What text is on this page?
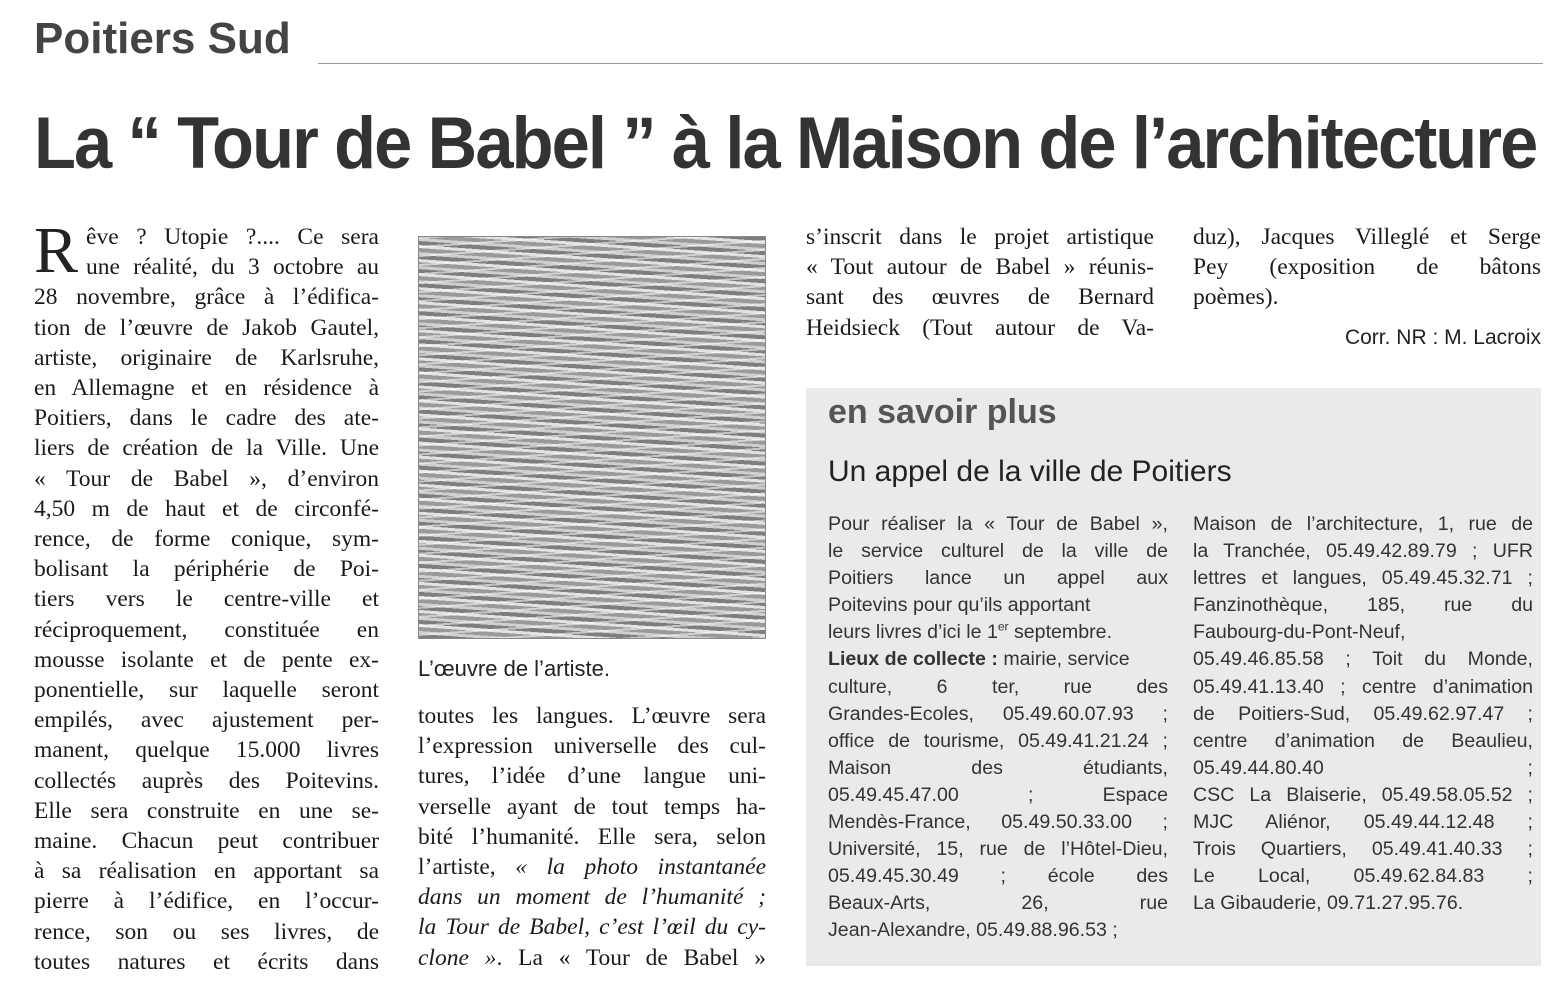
Poitiers Sud
La “ Tour de Babel ” à la Maison de l’architecture
R êve ? Utopie ?.... Ce sera
une réalité, du 3 octobre au
28 novembre, grâce à l’édifica-
tion de l’œuvre de Jakob Gautel,
artiste, originaire de Karlsruhe,
en Allemagne et en résidence à
Poitiers, dans le cadre des ate-
liers de création de la Ville. Une
« Tour de Babel », d’environ
4,50 m de haut et de circonfé-
rence, de forme conique, sym-
bolisant la périphérie de Poi-
tiers vers le centre-ville et
réciproquement, constituée en
mousse isolante et de pente ex-
ponentielle, sur laquelle seront
empilés, avec ajustement per-
manent, quelque 15.000 livres
collectés auprès des Poitevins.
Elle sera construite en une se-
maine. Chacun peut contribuer
à sa réalisation en apportant sa
pierre à l’édifice, en l’occur-
rence, son ou ses livres, de
toutes natures et écrits dans
L’œuvre de l’artiste.
toutes les langues. L’œuvre sera
l’expression universelle des cul-
tures, l’idée d’une langue uni-
verselle ayant de tout temps ha-
bité l’humanité. Elle sera, selon
l’artiste, « la photo instantanée
dans un moment de l’humanité ;
la Tour de Babel, c’est l’œil du cy-
clone ». La « Tour de Babel »
s’inscrit dans le projet artistique
« Tout autour de Babel » réunis-
sant des œuvres de Bernard
Heidsieck (Tout autour de Va-
duz), Jacques Villeglé et Serge
Pey (exposition de bâtons
poèmes).
Corr. NR : M. Lacroix
en savoir plus
Un appel de la ville de Poitiers
Pour réaliser la « Tour de Babel »,
le service culturel de la ville de
Poitiers lance un appel aux
Poitevins pour qu’ils apportant
leurs livres d’ici le 1er septembre.
Lieux de collecte : mairie, service
culture, 6 ter, rue des
Grandes-Ecoles, 05.49.60.07.93 ;
office de tourisme, 05.49.41.21.24 ;
Maison des étudiants,
05.49.45.47.00 ; Espace
Mendès-France, 05.49.50.33.00 ;
Université, 15, rue de l’Hôtel-Dieu,
05.49.45.30.49 ; école des
Beaux-Arts, 26, rue
Jean-Alexandre, 05.49.88.96.53 ;
Maison de l’architecture, 1, rue de
la Tranchée, 05.49.42.89.79 ; UFR
lettres et langues, 05.49.45.32.71 ;
Fanzinothèque, 185, rue du
Faubourg-du-Pont-Neuf,
05.49.46.85.58 ; Toit du Monde,
05.49.41.13.40 ; centre d’animation
de Poitiers-Sud, 05.49.62.97.47 ;
centre d’animation de Beaulieu,
05.49.44.80.40 ;
CSC La Blaiserie, 05.49.58.05.52 ;
MJC Aliénor, 05.49.44.12.48 ;
Trois Quartiers, 05.49.41.40.33 ;
Le Local, 05.49.62.84.83 ;
La Gibauderie, 09.71.27.95.76.
